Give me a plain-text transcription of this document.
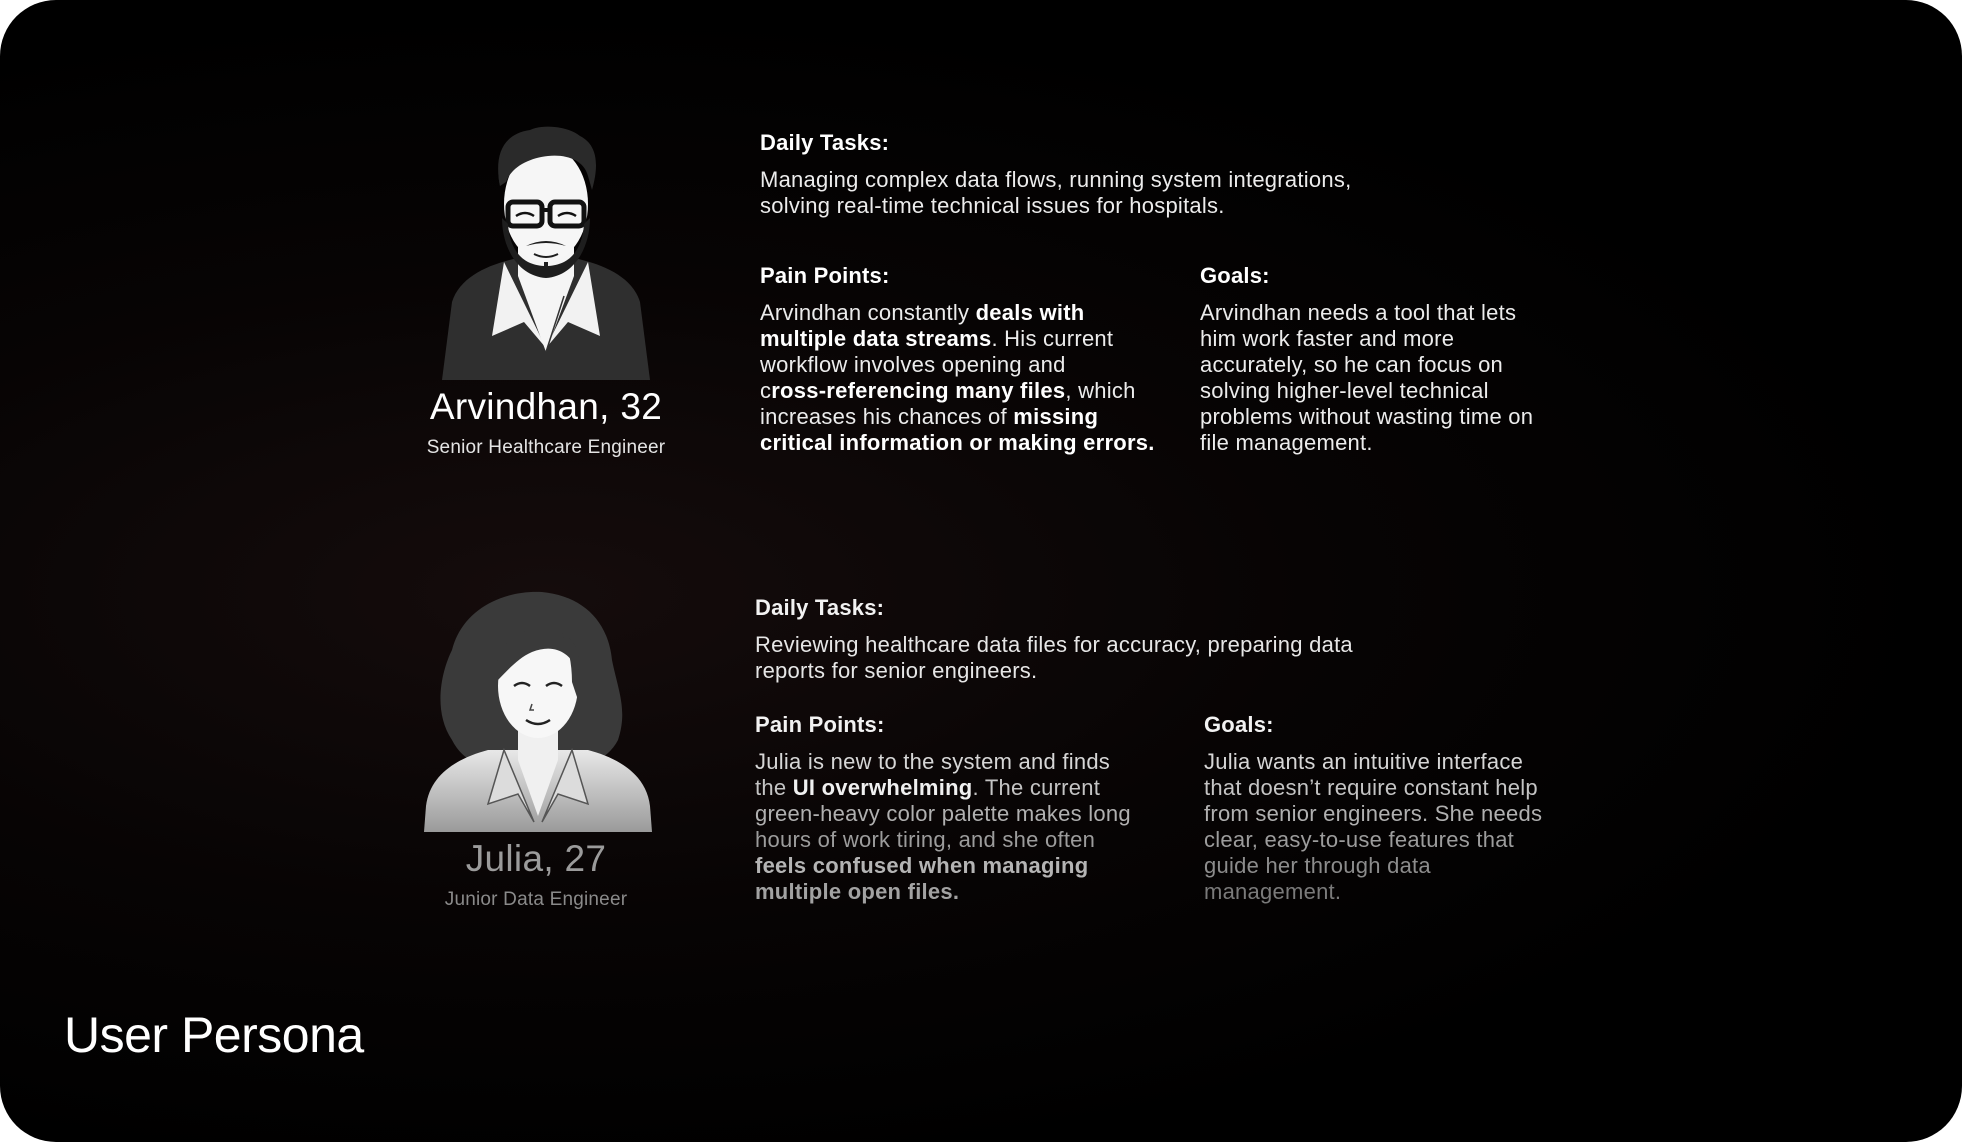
Arvindhan, 32
Senior Healthcare Engineer
Daily Tasks:
Managing complex data flows, running system integrations,
solving real-time technical issues for hospitals.
Pain Points:
Arvindhan constantly deals with
multiple data streams. His current
workflow involves opening and
cross-referencing many files, which
increases his chances of missing
critical information or making errors.
Goals:
Arvindhan needs a tool that lets
him work faster and more
accurately, so he can focus on
solving higher-level technical
problems without wasting time on
file management.
Julia, 27
Junior Data Engineer
Daily Tasks:
Reviewing healthcare data files for accuracy, preparing data
reports for senior engineers.
Pain Points:
Julia is new to the system and finds
the UI overwhelming. The current
green-heavy color palette makes long
hours of work tiring, and she often
feels confused when managing
multiple open files.
Goals:
Julia wants an intuitive interface
that doesn’t require constant help
from senior engineers. She needs
clear, easy-to-use features that
guide her through data
management.
User Persona
